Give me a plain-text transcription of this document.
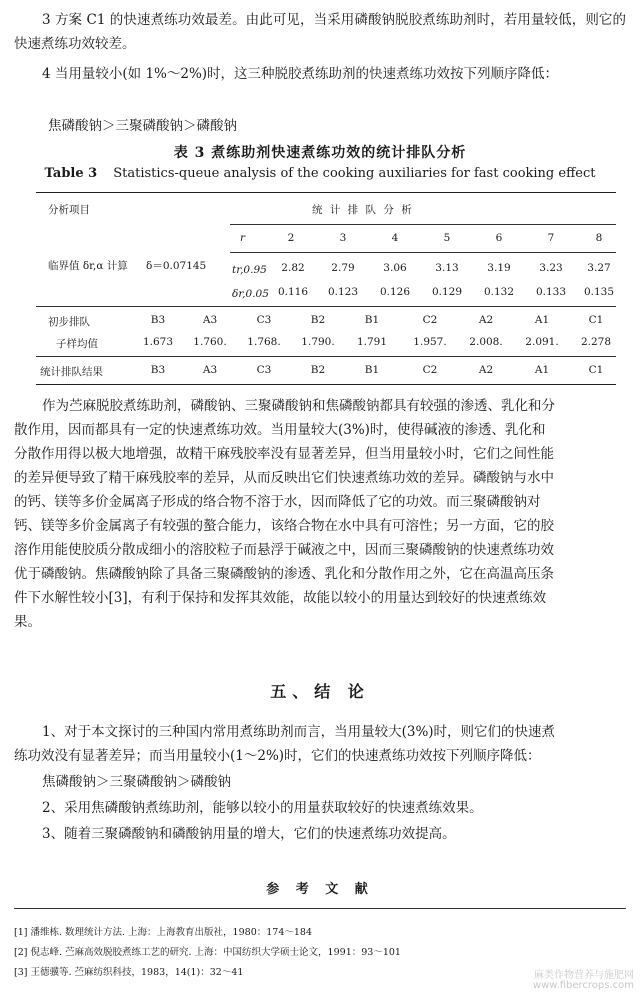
3 方案 C1 的快速煮练功效最差。由此可见，当采用磷酸钠脱胶煮练助剂时，若用量较低，则它的快速煮练功效较差。
4 当用量较小(如 1%～2%)时，这三种脱胶煮练助剂的快速煮练功效按下列顺序降低：
焦磷酸钠＞三聚磷酸钠＞磷酸钠
表 3 煮练助剂快速煮练功效的统计排队分析
Table 3 Statistics-queue analysis of the cooking auxiliaries for fast cooking effect
分析项目	统 计 排 队 分 析
临界值 δr,α 计算 δ＝0.07145
r	2	3	4	5	6	7	8
tr,0.95	2.82	2.79	3.06	3.13	3.19	3.23	3.27
δr,0.05 0.116	0.123	0.126	0.129	0.132	0.133	0.135
初步排队	B3	A3	C3	B2	B1	C2	A2	A1	C1
子样均值	1.673	1.760.	1.768.	1.790.	1.791	1.957.	2.008.	2.091.	2.278
统计排队结果	B3	A3	C3	B2	B1	C2	A2	A1	C1
作为苎麻脱胶煮练助剂，磷酸钠、三聚磷酸钠和焦磷酸钠都具有较强的渗透、乳化和分
散作用，因而都具有一定的快速煮练功效。当用量较大(3%)时，使得碱液的渗透、乳化和
分散作用得以极大地增强，故精干麻残胶率没有显著差异，但当用量较小时，它们之间性能
的差异便导致了精干麻残胶率的差异，从而反映出它们快速煮练功效的差异。磷酸钠与水中
的钙、镁等多价金属离子形成的络合物不溶于水，因而降低了它的功效。而三聚磷酸钠对
钙、镁等多价金属离子有较强的螯合能力，该络合物在水中具有可溶性；另一方面，它的胶
溶作用能使胶质分散成细小的溶胶粒子而悬浮于碱液之中，因而三聚磷酸钠的快速煮练功效
优于磷酸钠。焦磷酸钠除了具备三聚磷酸钠的渗透、乳化和分散作用之外，它在高温高压条
件下水解性较小[3]，有利于保持和发挥其效能，故能以较小的用量达到较好的快速煮练效
果。
五、结 论
1、对于本文探讨的三种国内常用煮练助剂而言，当用量较大(3%)时，则它们的快速煮
练功效没有显著差异；而当用量较小(1～2%)时，它们的快速煮练功效按下列顺序降低：
焦磷酸钠＞三聚磷酸钠＞磷酸钠
2、采用焦磷酸钠煮练助剂，能够以较小的用量获取较好的快速煮练效果。
3、随着三聚磷酸钠和磷酸钠用量的增大，它们的快速煮练功效提高。
参 考 文 献
[1] 潘维栋. 数理统计方法. 上海：上海教育出版社，1980：174～184
[2] 倪志峰. 苎麻高效脱胶煮练工艺的研究. 上海：中国纺织大学硕士论文，1991：93～101
[3] 王德骥等. 苎麻纺织科技，1983，14(1)：32～41	麻类作物营养与施肥网
www.fibercrops.com
